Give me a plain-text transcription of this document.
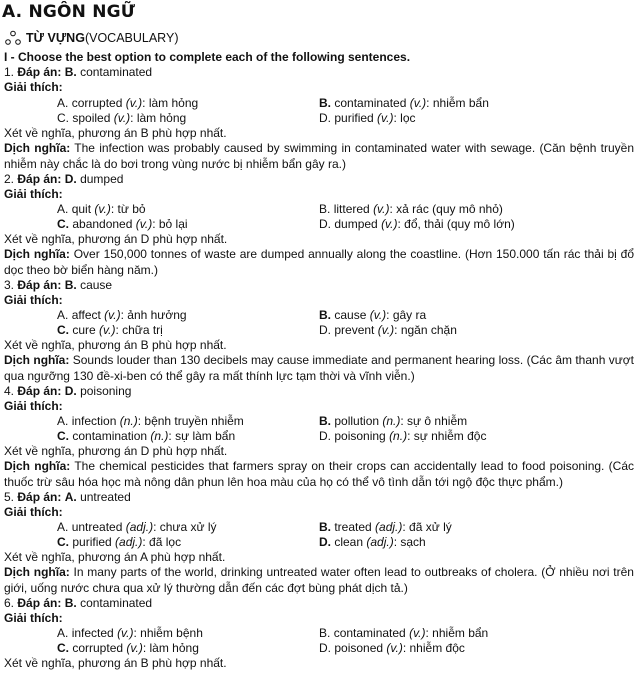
A. NGÔN NGỮ
TỪ VỰNG (VOCABULARY)
I - Choose the best option to complete each of the following sentences.
1. Đáp án: B. contaminated
Giải thích:
A. corrupted (v.): làm hỏng	B. contaminated (v.): nhiễm bẩn
C. spoiled (v.): làm hỏng	D. purified (v.): lọc
Xét về nghĩa, phương án B phù hợp nhất.
Dịch nghĩa: The infection was probably caused by swimming in contaminated water with sewage. (Căn bệnh truyền nhiễm này chắc là do bơi trong vùng nước bị nhiễm bẩn gây ra.)
2. Đáp án: D. dumped
Giải thích:
A. quit (v.): từ bỏ	B. littered (v.): xả rác (quy mô nhỏ)
C. abandoned (v.): bỏ lại	D. dumped (v.): đổ, thải (quy mô lớn)
Xét về nghĩa, phương án D phù hợp nhất.
Dịch nghĩa: Over 150,000 tonnes of waste are dumped annually along the coastline. (Hơn 150.000 tấn rác thải bị đổ dọc theo bờ biển hàng năm.)
3. Đáp án: B. cause
Giải thích:
A. affect (v.): ảnh hưởng	B. cause (v.): gây ra
C. cure (v.): chữa trị	D. prevent (v.): ngăn chặn
Xét về nghĩa, phương án B phù hợp nhất.
Dịch nghĩa: Sounds louder than 130 decibels may cause immediate and permanent hearing loss. (Các âm thanh vượt qua ngưỡng 130 đề-xi-ben có thể gây ra mất thính lực tạm thời và vĩnh viễn.)
4. Đáp án: D. poisoning
Giải thích:
A. infection (n.): bệnh truyền nhiễm	B. pollution (n.): sự ô nhiễm
C. contamination (n.): sự làm bẩn	D. poisoning (n.): sự nhiễm độc
Xét về nghĩa, phương án D phù hợp nhất.
Dịch nghĩa: The chemical pesticides that farmers spray on their crops can accidentally lead to food poisoning. (Các thuốc trừ sâu hóa học mà nông dân phun lên hoa màu của họ có thể vô tình dẫn tới ngộ độc thực phẩm.)
5. Đáp án: A. untreated
Giải thích:
A. untreated (adj.): chưa xử lý	B. treated (adj.): đã xử lý
C. purified (adj.): đã lọc	D. clean (adj.): sạch
Xét về nghĩa, phương án A phù hợp nhất.
Dịch nghĩa: In many parts of the world, drinking untreated water often lead to outbreaks of cholera. (Ở nhiều nơi trên giới, uống nước chưa qua xử lý thường dẫn đến các đợt bùng phát dịch tả.)
6. Đáp án: B. contaminated
Giải thích:
A. infected (v.): nhiễm bệnh	B. contaminated (v.): nhiễm bẩn
C. corrupted (v.): làm hỏng	D. poisoned (v.): nhiễm độc
Xét về nghĩa, phương án B phù hợp nhất.
